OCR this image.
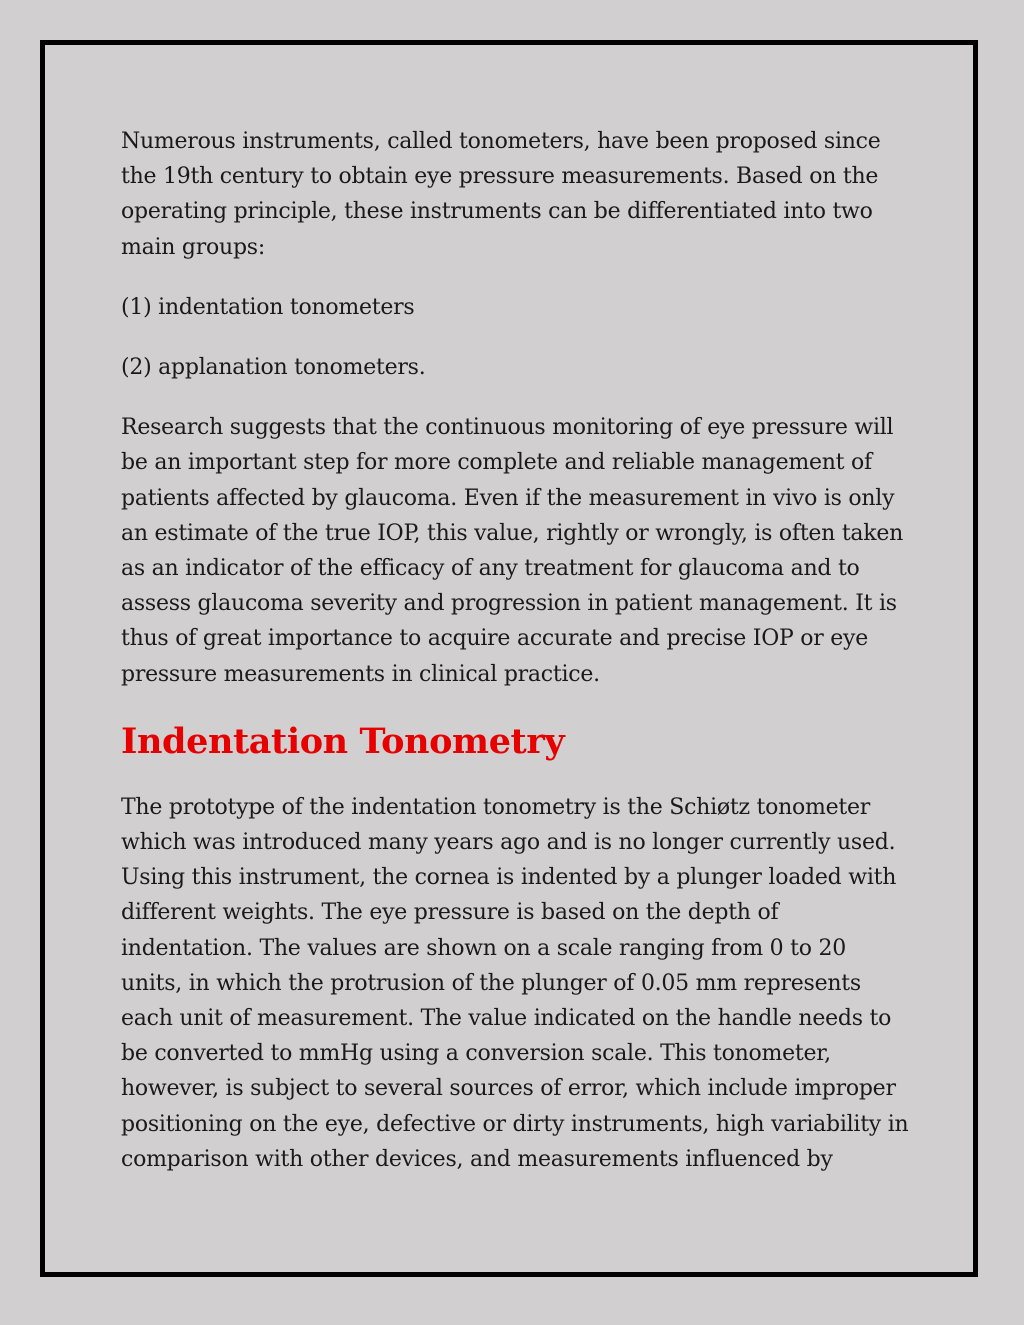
Numerous instruments, called tonometers, have been proposed since the 19th century to obtain eye pressure measurements. Based on the operating principle, these instruments can be differentiated into two main groups:

(1) indentation tonometers

(2) applanation tonometers.

Research suggests that the continuous monitoring of eye pressure will be an important step for more complete and reliable management of patients affected by glaucoma. Even if the measurement in vivo is only an estimate of the true IOP, this value, rightly or wrongly, is often taken as an indicator of the efficacy of any treatment for glaucoma and to assess glaucoma severity and progression in patient management. It is thus of great importance to acquire accurate and precise IOP or eye pressure measurements in clinical practice.

Indentation Tonometry

The prototype of the indentation tonometry is the Schiøtz tonometer which was introduced many years ago and is no longer currently used. Using this instrument, the cornea is indented by a plunger loaded with different weights. The eye pressure is based on the depth of indentation. The values are shown on a scale ranging from 0 to 20 units, in which the protrusion of the plunger of 0.05 mm represents each unit of measurement. The value indicated on the handle needs to be converted to mmHg using a conversion scale. This tonometer, however, is subject to several sources of error, which include improper positioning on the eye, defective or dirty instruments, high variability in comparison with other devices, and measurements influenced by
